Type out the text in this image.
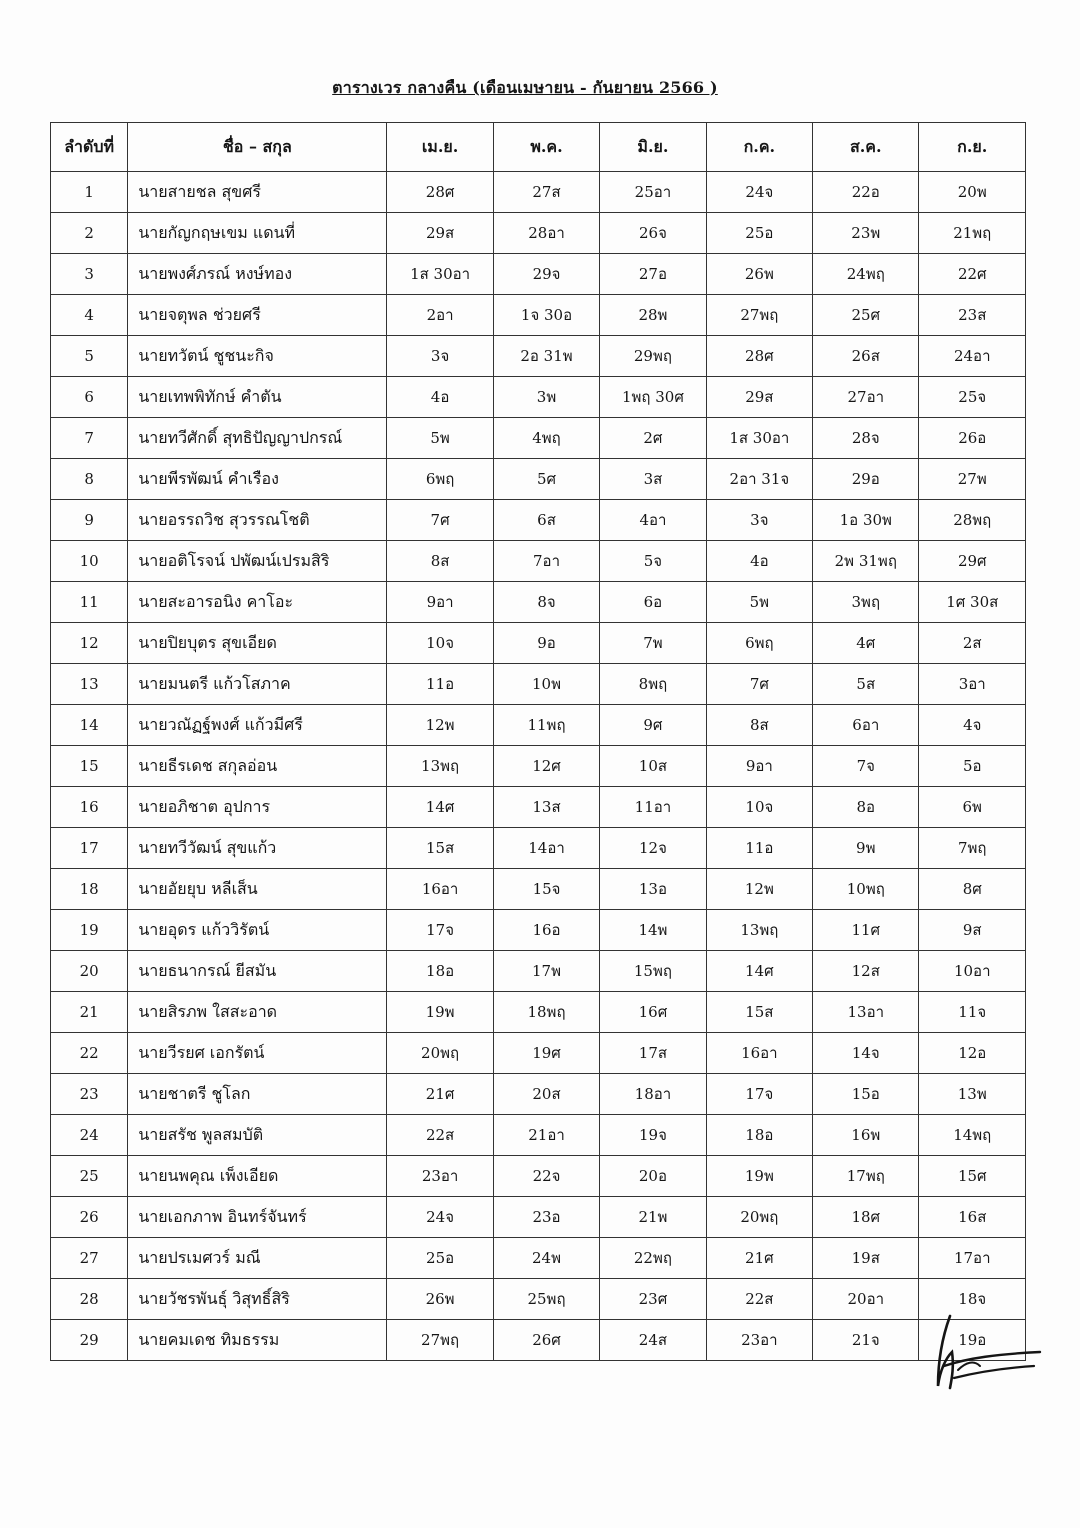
ตารางเวร กลางคืน (เดือนเมษายน - กันยายน 2566 )
ลำดับที่	ชื่อ – สกุล	เม.ย.	พ.ค.	มิ.ย.	ก.ค.	ส.ค.	ก.ย.
1	นายสายชล สุขศรี	28ศ	27ส	25อา	24จ	22อ	20พ
2	นายกัญกฤษเขม แดนที่	29ส	28อา	26จ	25อ	23พ	21พฤ
3	นายพงศ์ภรณ์ หงษ์ทอง	1ส 30อา	29จ	27อ	26พ	24พฤ	22ศ
4	นายจตุพล ช่วยศรี	2อา	1จ 30อ	28พ	27พฤ	25ศ	23ส
5	นายทวัตน์ ชูชนะกิจ	3จ	2อ 31พ	29พฤ	28ศ	26ส	24อา
6	นายเทพพิทักษ์ คำตัน	4อ	3พ	1พฤ 30ศ	29ส	27อา	25จ
7	นายทวีศักดิ์ สุทธิปัญญาปกรณ์	5พ	4พฤ	2ศ	1ส 30อา	28จ	26อ
8	นายพีรพัฒน์ คำเรือง	6พฤ	5ศ	3ส	2อา 31จ	29อ	27พ
9	นายอรรถวิช สุวรรณโชติ	7ศ	6ส	4อา	3จ	1อ 30พ	28พฤ
10	นายอติโรจน์ ปพัฒน์เปรมสิริ	8ส	7อา	5จ	4อ	2พ 31พฤ	29ศ
11	นายสะอารอนิง คาโอะ	9อา	8จ	6อ	5พ	3พฤ	1ศ 30ส
12	นายปิยบุตร สุขเอียด	10จ	9อ	7พ	6พฤ	4ศ	2ส
13	นายมนตรี แก้วโสภาค	11อ	10พ	8พฤ	7ศ	5ส	3อา
14	นายวณัฏฐ์พงศ์ แก้วมีศรี	12พ	11พฤ	9ศ	8ส	6อา	4จ
15	นายธีรเดช สกุลอ่อน	13พฤ	12ศ	10ส	9อา	7จ	5อ
16	นายอภิชาต อุปการ	14ศ	13ส	11อา	10จ	8อ	6พ
17	นายทวีวัฒน์ สุขแก้ว	15ส	14อา	12จ	11อ	9พ	7พฤ
18	นายอัยยุบ หลีเส็น	16อา	15จ	13อ	12พ	10พฤ	8ศ
19	นายอุดร แก้ววิรัตน์	17จ	16อ	14พ	13พฤ	11ศ	9ส
20	นายธนากรณ์ ยีสมัน	18อ	17พ	15พฤ	14ศ	12ส	10อา
21	นายสิรภพ ใสสะอาด	19พ	18พฤ	16ศ	15ส	13อา	11จ
22	นายวีรยศ เอกรัตน์	20พฤ	19ศ	17ส	16อา	14จ	12อ
23	นายชาตรี ชูโลก	21ศ	20ส	18อา	17จ	15อ	13พ
24	นายสรัช พูลสมบัติ	22ส	21อา	19จ	18อ	16พ	14พฤ
25	นายนพคุณ เพ็งเอียด	23อา	22จ	20อ	19พ	17พฤ	15ศ
26	นายเอกภาพ อินทร์จันทร์	24จ	23อ	21พ	20พฤ	18ศ	16ส
27	นายปรเมศวร์ มณี	25อ	24พ	22พฤ	21ศ	19ส	17อา
28	นายวัชรพันธุ์ วิสุทธิ์สิริ	26พ	25พฤ	23ศ	22ส	20อา	18จ
29	นายคมเดช ทิมธรรม	27พฤ	26ศ	24ส	23อา	21จ	19อ
